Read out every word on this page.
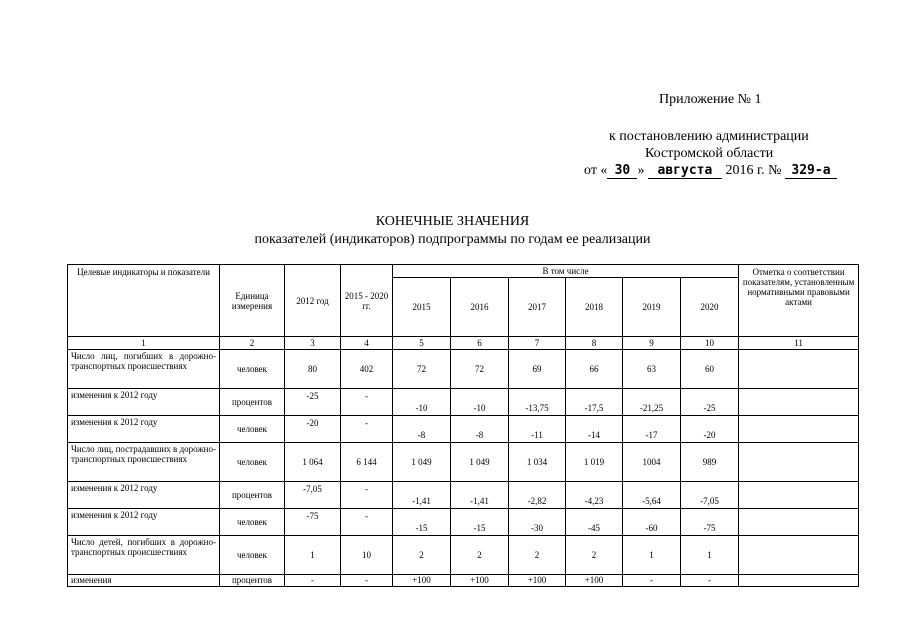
Приложение № 1
к постановлению администрации
Костромской области
от « 30 » августа 2016 г. № 329-а
КОНЕЧНЫЕ ЗНАЧЕНИЯ
показателей (индикаторов) подпрограммы по годам ее реализации
Целевые индикаторы и показатели	Единица измерения	2012 год	2015 - 2020 гг.	В том числе						Отметка о соответствии показателям, установленным нормативными правовыми актами
				2015	2016	2017	2018	2019	2020	
1	2	3	4	5	6	7	8	9	10	11
Число лиц, погибших в дорожно-транспортных происшествиях	человек	80	402	72	72	69	66	63	60	
изменения к 2012 году	процентов	-25	-	-10	-10	-13,75	-17,5	-21,25	-25	
изменения к 2012 году	человек	-20	-	-8	-8	-11	-14	-17	-20	
Число лиц, пострадавших в дорожно-транспортных происшествиях	человек	1 064	6 144	1 049	1 049	1 034	1 019	1004	989	
изменения к 2012 году	процентов	-7,05	-	-1,41	-1,41	-2,82	-4,23	-5,64	-7,05	
изменения к 2012 году	человек	-75	-	-15	-15	-30	-45	-60	-75	
Число детей, погибших в дорожно-транспортных происшествиях	человек	1	10	2	2	2	2	1	1	
изменения	процентов	-	-	+100	+100	+100	+100	-	-	
